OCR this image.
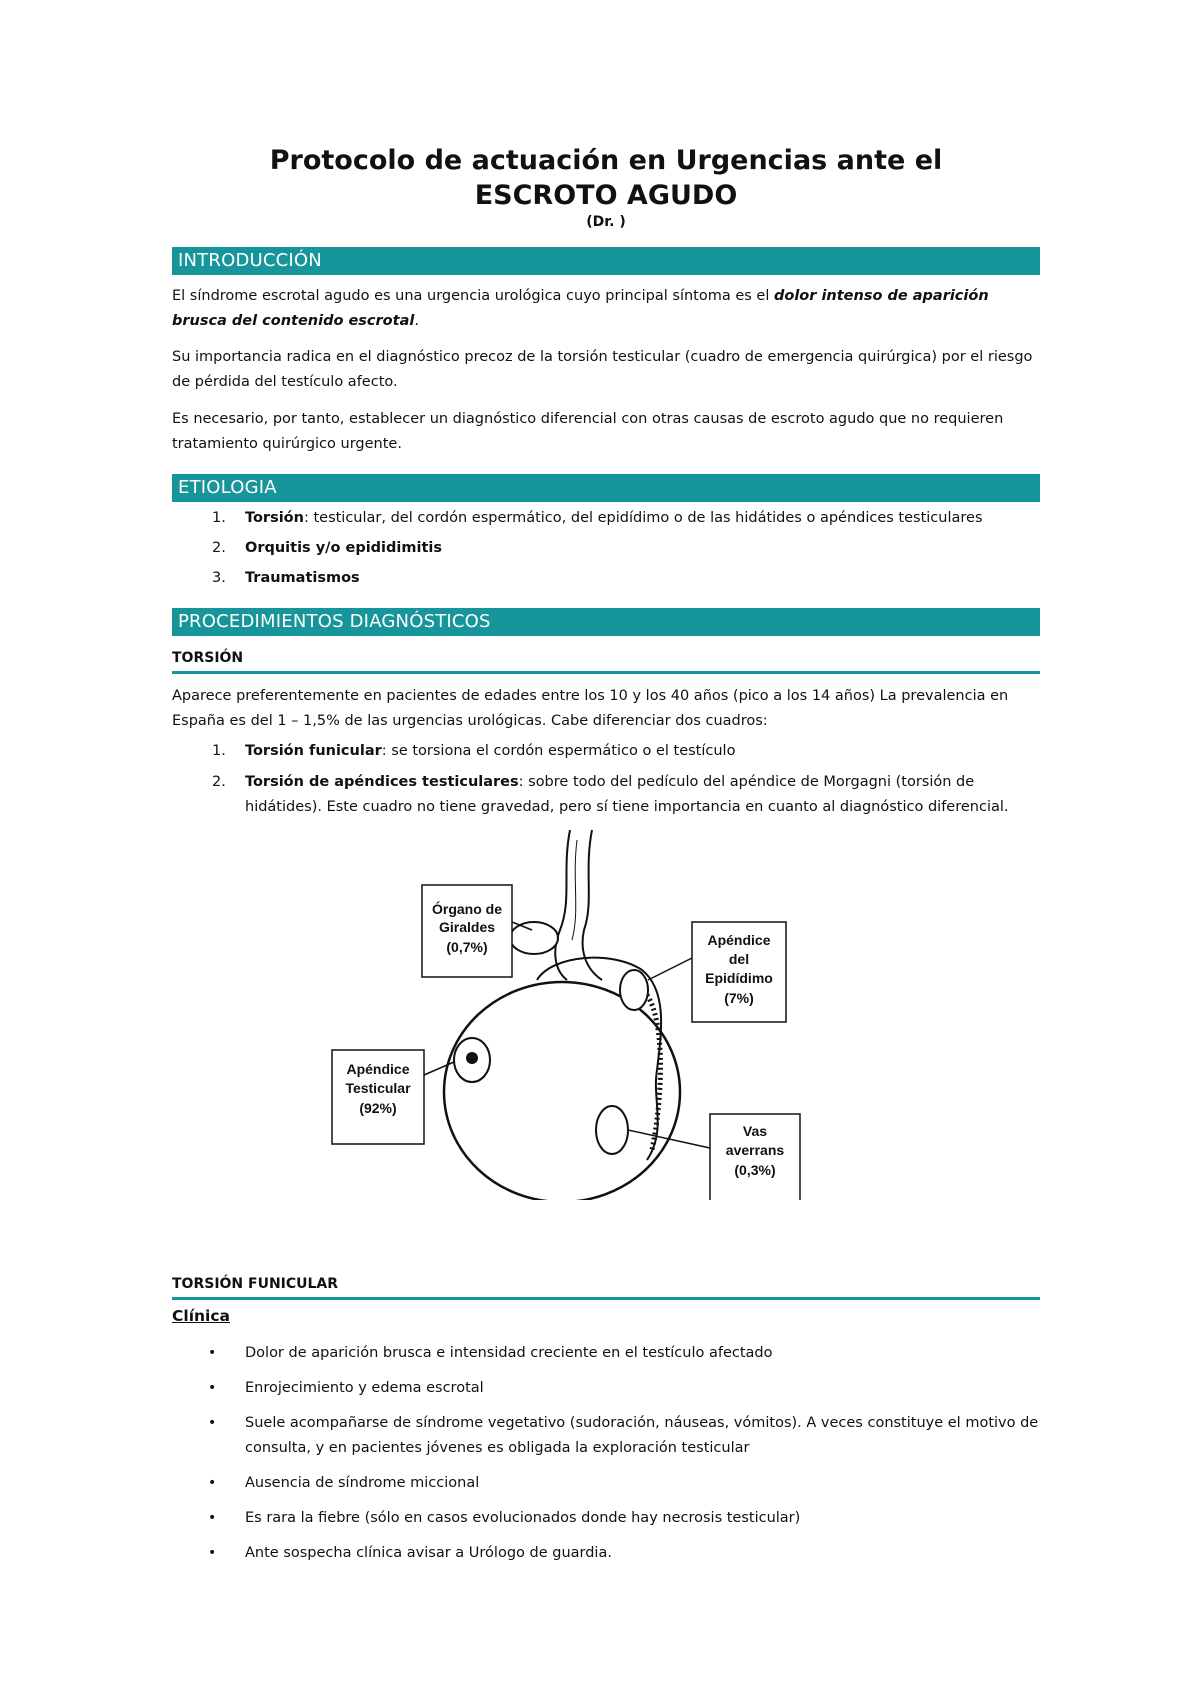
Protocolo de actuación en Urgencias ante el
ESCROTO AGUDO
(Dr. )
INTRODUCCIÓN

El síndrome escrotal agudo es una urgencia urológica cuyo principal síntoma es el dolor intenso de aparición brusca del contenido escrotal.

Su importancia radica en el diagnóstico precoz de la torsión testicular (cuadro de emergencia quirúrgica) por el riesgo de pérdida del testículo afecto.

Es necesario, por tanto, establecer un diagnóstico diferencial con otras causas de escroto agudo que no requieren tratamiento quirúrgico urgente.

ETIOLOGIA
1. Torsión: testicular, del cordón espermático, del epidídimo o de las hidátides o apéndices testiculares
2. Orquitis y/o epididimitis
3. Traumatismos
PROCEDIMIENTOS DIAGNÓSTICOS
TORSIÓN

Aparece preferentemente en pacientes de edades entre los 10 y los 40 años (pico a los 14 años) La prevalencia en España es del 1 – 1,5% de las urgencias urológicas. Cabe diferenciar dos cuadros:

1. Torsión funicular: se torsiona el cordón espermático o el testículo
2. Torsión de apéndices testiculares: sobre todo del pedículo del apéndice de Morgagni (torsión de hidátides). Este cuadro no tiene gravedad, pero sí tiene importancia en cuanto al diagnóstico diferencial.
Órgano de
Giraldes
(0,7%)	Apéndice
del
Epidídimo
(7%)
Apéndice
Testicular
(92%)
Vas
averrans
(0,3%)
TORSIÓN FUNICULAR
Clínica
• Dolor de aparición brusca e intensidad creciente en el testículo afectado
• Enrojecimiento y edema escrotal
• Suele acompañarse de síndrome vegetativo (sudoración, náuseas, vómitos). A veces constituye el motivo de consulta, y en pacientes jóvenes es obligada la exploración testicular
• Ausencia de síndrome miccional
• Es rara la fiebre (sólo en casos evolucionados donde hay necrosis testicular)
• Ante sospecha clínica avisar a Urólogo de guardia.
